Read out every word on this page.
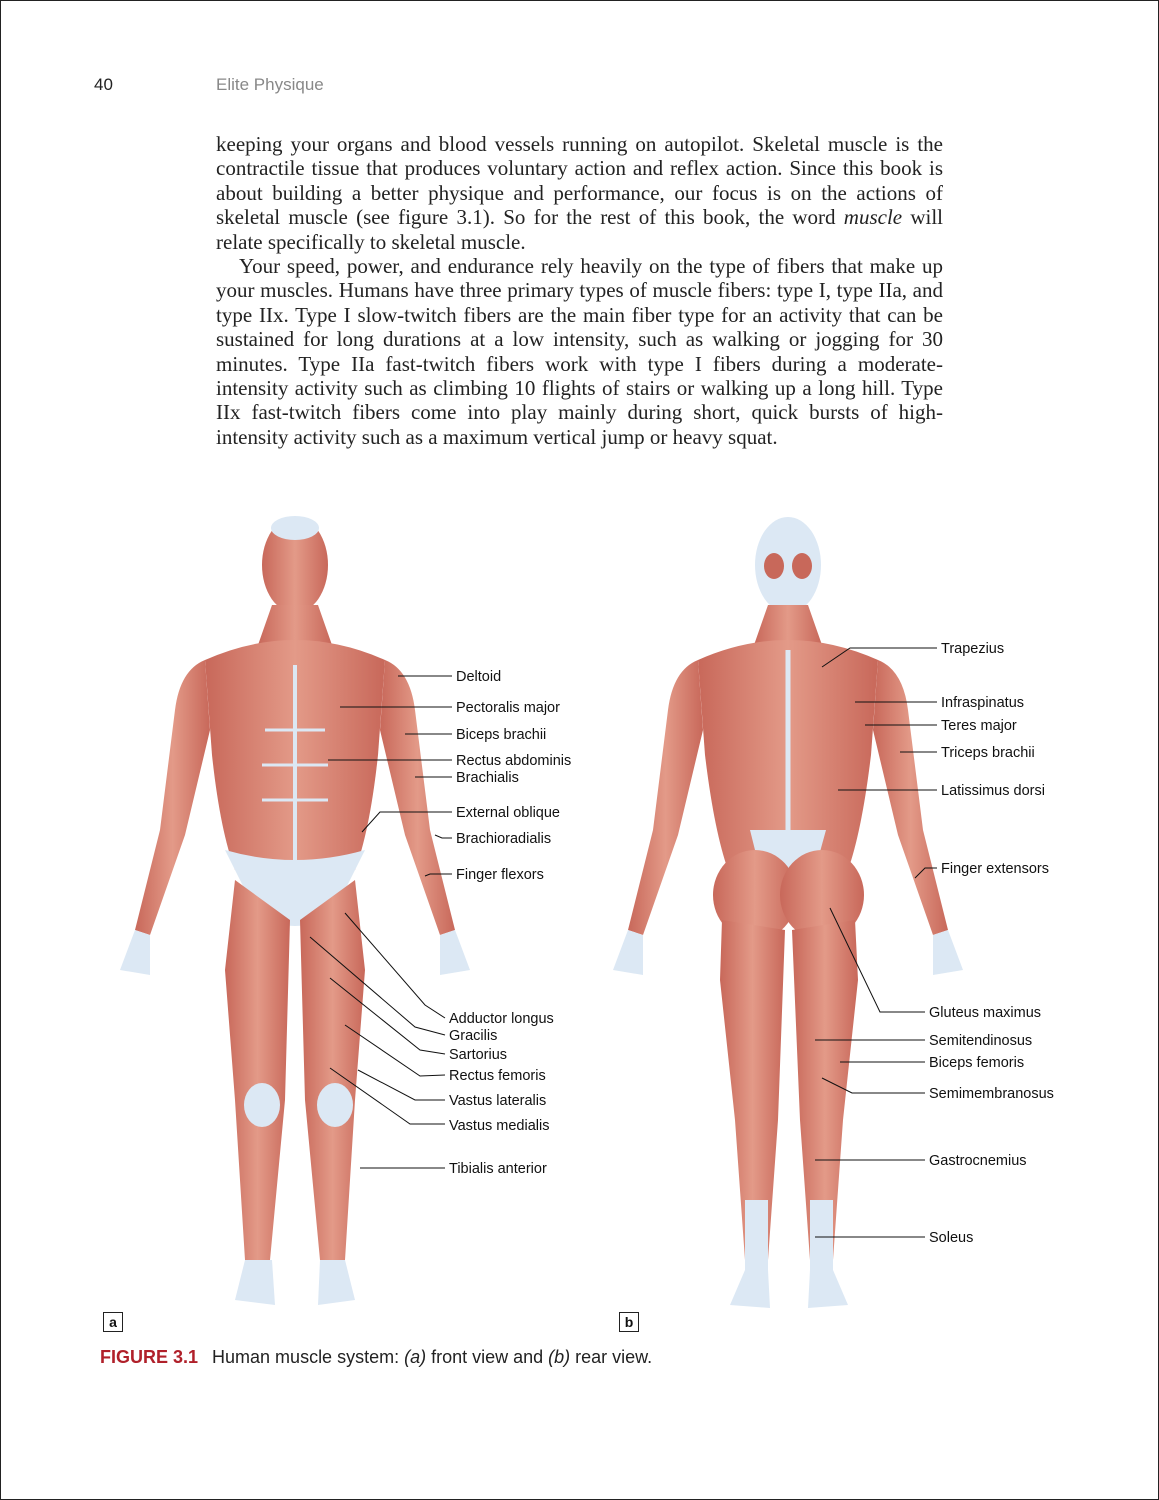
40	Elite Physique

keeping your organs and blood vessels running on autopilot. Skeletal muscle is the contractile tissue that produces voluntary action and reflex action. Since this book is about building a better physique and performance, our focus is on the actions of skeletal muscle (see figure 3.1). So for the rest of this book, the word muscle will relate specifically to skeletal muscle.

Your speed, power, and endurance rely heavily on the type of fibers that make up your muscles. Humans have three primary types of muscle fibers: type I, type IIa, and type IIx. Type I slow-twitch fibers are the main fiber type for an activity that can be sustained for long durations at a low intensity, such as walking or jogging for 30 minutes. Type IIa fast-twitch fibers work with type I fibers during a moderate-intensity activity such as climbing 10 flights of stairs or walking up a long hill. Type IIx fast-twitch fibers come into play mainly during short, quick bursts of high-intensity activity such as a maximum vertical jump or heavy squat.

Deltoid
Pectoralis major
Biceps brachii
Rectus abdominis
Brachialis
External oblique
Brachioradialis
Finger flexors
Adductor longus
Gracilis
Sartorius
Rectus femoris
Vastus lateralis
Vastus medialis
Tibialis anterior
Trapezius
Infraspinatus
Teres major
Triceps brachii
Latissimus dorsi
Finger extensors
Gluteus maximus
Semitendinosus
Biceps femoris
Semimembranosus
Gastrocnemius
Soleus
a	b
FIGURE 3.1 Human muscle system: (a) front view and (b) rear view.
